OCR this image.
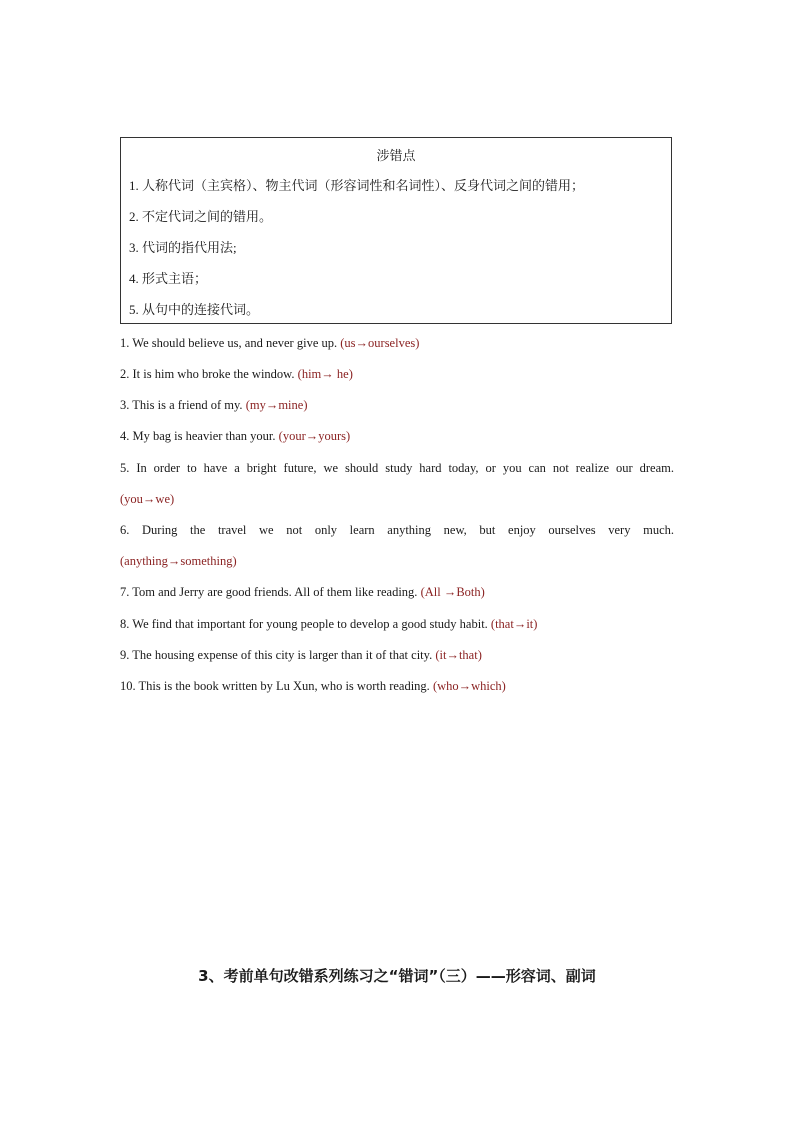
涉错点
1. 人称代词（主宾格）、物主代词（形容词性和名词性）、反身代词之间的错用；
2. 不定代词之间的错用。
3. 代词的指代用法;
4. 形式主语；
5. 从句中的连接代词。
1. We should believe us, and never give up. (us→ourselves)
2. It is him who broke the window. (him→ he)
3. This is a friend of my. (my→mine)
4. My bag is heavier than your. (your→yours)
5. In order to have a bright future, we should study hard today, or you can not realize our dream.
(you→we)
6. During the travel we not only learn anything new, but enjoy ourselves very much.
(anything→something)
7. Tom and Jerry are good friends. All of them like reading. (All →Both)
8. We find that important for young people to develop a good study habit. (that→it)
9. The housing expense of this city is larger than it of that city. (it→that)
10. This is the book written by Lu Xun, who is worth reading. (who→which)
3、考前单句改错系列练习之“错词”（三）——形容词、副词
